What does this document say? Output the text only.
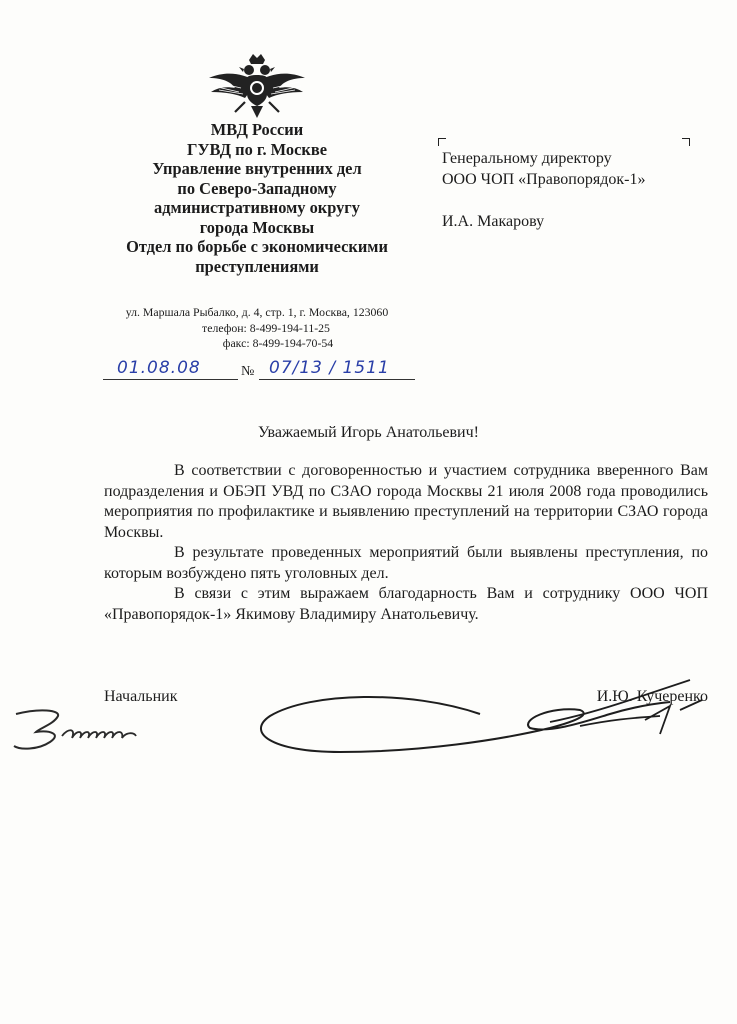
МВД России
ГУВД по г. Москве
Управление внутренних дел
по Северо-Западному
административному округу
города Москвы
Отдел по борьбе с экономическими
преступлениями
ул. Маршала Рыбалко, д. 4, стр. 1, г. Москва, 123060
телефон: 8-499-194-11-25
факс: 8-499-194-70-54
01.08.08	№ 07/13 / 1511
Генеральному директору
ООО ЧОП «Правопорядок-1»
И.А. Макарову
Уважаемый Игорь Анатольевич!

В соответствии с договоренностью и участием сотрудника вверенного Вам подразделения и ОБЭП УВД по СЗАО города Москвы 21 июля 2008 года проводились мероприятия по профилактике и выявлению преступлений на территории СЗАО города Москвы.

В результате проведенных мероприятий были выявлены преступления, по которым возбуждено пять уголовных дел.

В связи с этим выражаем благодарность Вам и сотруднику ООО ЧОП «Правопорядок-1» Якимову Владимиру Анатольевичу.

Начальник	И.Ю. Кучеренко
